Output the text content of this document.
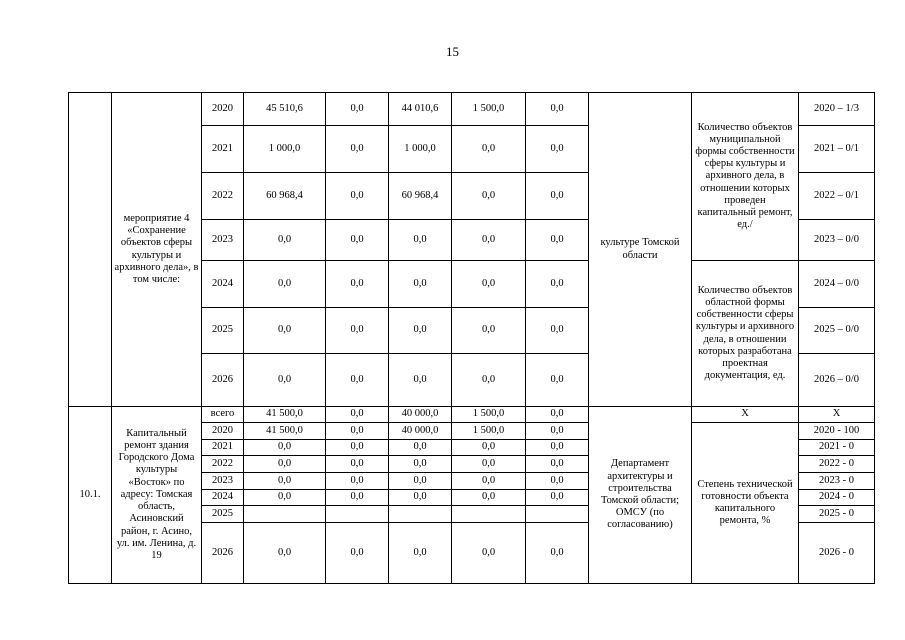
15
	мероприятие 4 «Сохранение объектов сферы культуры и архивного дела», в том числе:	2020	45 510,6	0,0	44 010,6	1 500,0	0,0	культуре Томской области	Количество объектов муниципальной формы собственности сферы культуры и архивного дела, в отношении которых проведен капитальный ремонт, ед./	2020 – 1/3
		2021	1 000,0	0,0	1 000,0	0,0	0,0			2021 – 0/1
		2022	60 968,4	0,0	60 968,4	0,0	0,0			2022 – 0/1
		2023	0,0	0,0	0,0	0,0	0,0			2023 – 0/0
		2024	0,0	0,0	0,0	0,0	0,0		Количество объектов областной формы собственности сферы культуры и архивного дела, в отношении которых разработана проектная документация, ед.	2024 – 0/0
		2025	0,0	0,0	0,0	0,0	0,0			2025 – 0/0
		2026	0,0	0,0	0,0	0,0	0,0			2026 – 0/0
10.1.	Капитальный ремонт здания Городского Дома культуры «Восток» по адресу: Томская область, Асиновский район, г. Асино, ул. им. Ленина, д. 19	всего	41 500,0	0,0	40 000,0	1 500,0	0,0	Департамент архитектуры и строительства Томской области; ОМСУ (по согласованию)	Х	Х
		2020	41 500,0	0,0	40 000,0	1 500,0	0,0		Степень технической готовности объекта капитального ремонта, %	2020 - 100
		2021	0,0	0,0	0,0	0,0	0,0			2021 - 0
		2022	0,0	0,0	0,0	0,0	0,0			2022 - 0
		2023	0,0	0,0	0,0	0,0	0,0			2023 - 0
		2024	0,0	0,0	0,0	0,0	0,0			2024 - 0
		2025								2025 - 0
		2026	0,0	0,0	0,0	0,0	0,0			2026 - 0
